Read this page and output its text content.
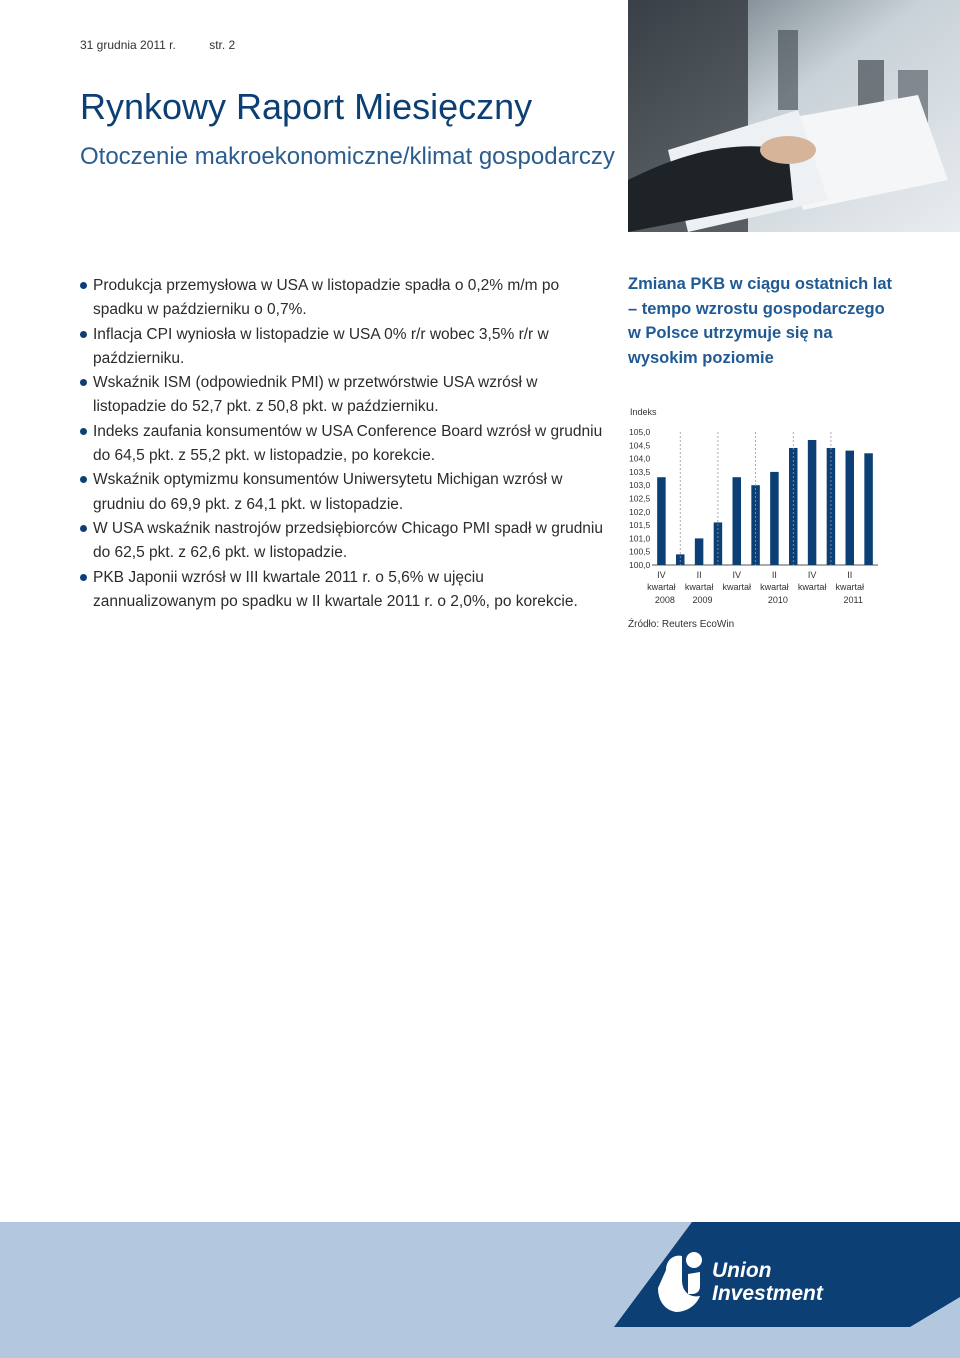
31 grudnia 2011 r.	str. 2
Rynkowy Raport Miesięczny
Otoczenie makroekonomiczne/klimat gospodarczy
Produkcja przemysłowa w USA w listopadzie spadła o 0,2% m/m po spadku w październiku o 0,7%.
Inflacja CPI wyniosła w listopadzie w USA 0% r/r wobec 3,5% r/r w październiku.
Wskaźnik ISM (odpowiednik PMI) w przetwórstwie USA wzrósł w listopadzie do 52,7 pkt. z 50,8 pkt. w październiku.
Indeks zaufania konsumentów w USA Conference Board wzrósł w grudniu do 64,5 pkt. z 55,2 pkt. w listopadzie, po korekcie.
Wskaźnik optymizmu konsumentów Uniwersytetu Michigan wzrósł w grudniu do 69,9 pkt. z 64,1 pkt. w listopadzie.
W USA wskaźnik nastrojów przedsiębiorców Chicago PMI spadł w grudniu do 62,5 pkt. z 62,6 pkt. w listopadzie.
PKB Japonii wzrósł w III kwartale 2011 r. o 5,6% w ujęciu zannualizowanym po spadku w II kwartale 2011 r. o 2,0%, po korekcie.
Zmiana PKB w ciągu ostatnich lat – tempo wzrostu gospodarczego w Polsce utrzymuje się na wysokim poziomie
Indeks
105,0
104,5
104,0
103,5
103,0
102,5
102,0
101,5
101,0
100,5
100,0
IV
kwartał
2008
II
kwartał
2009
IV
kwartał
II
kwartał
2010
IV
kwartał
II
kwartał
2011
Źródło: Reuters EcoWin
Union
Investment
